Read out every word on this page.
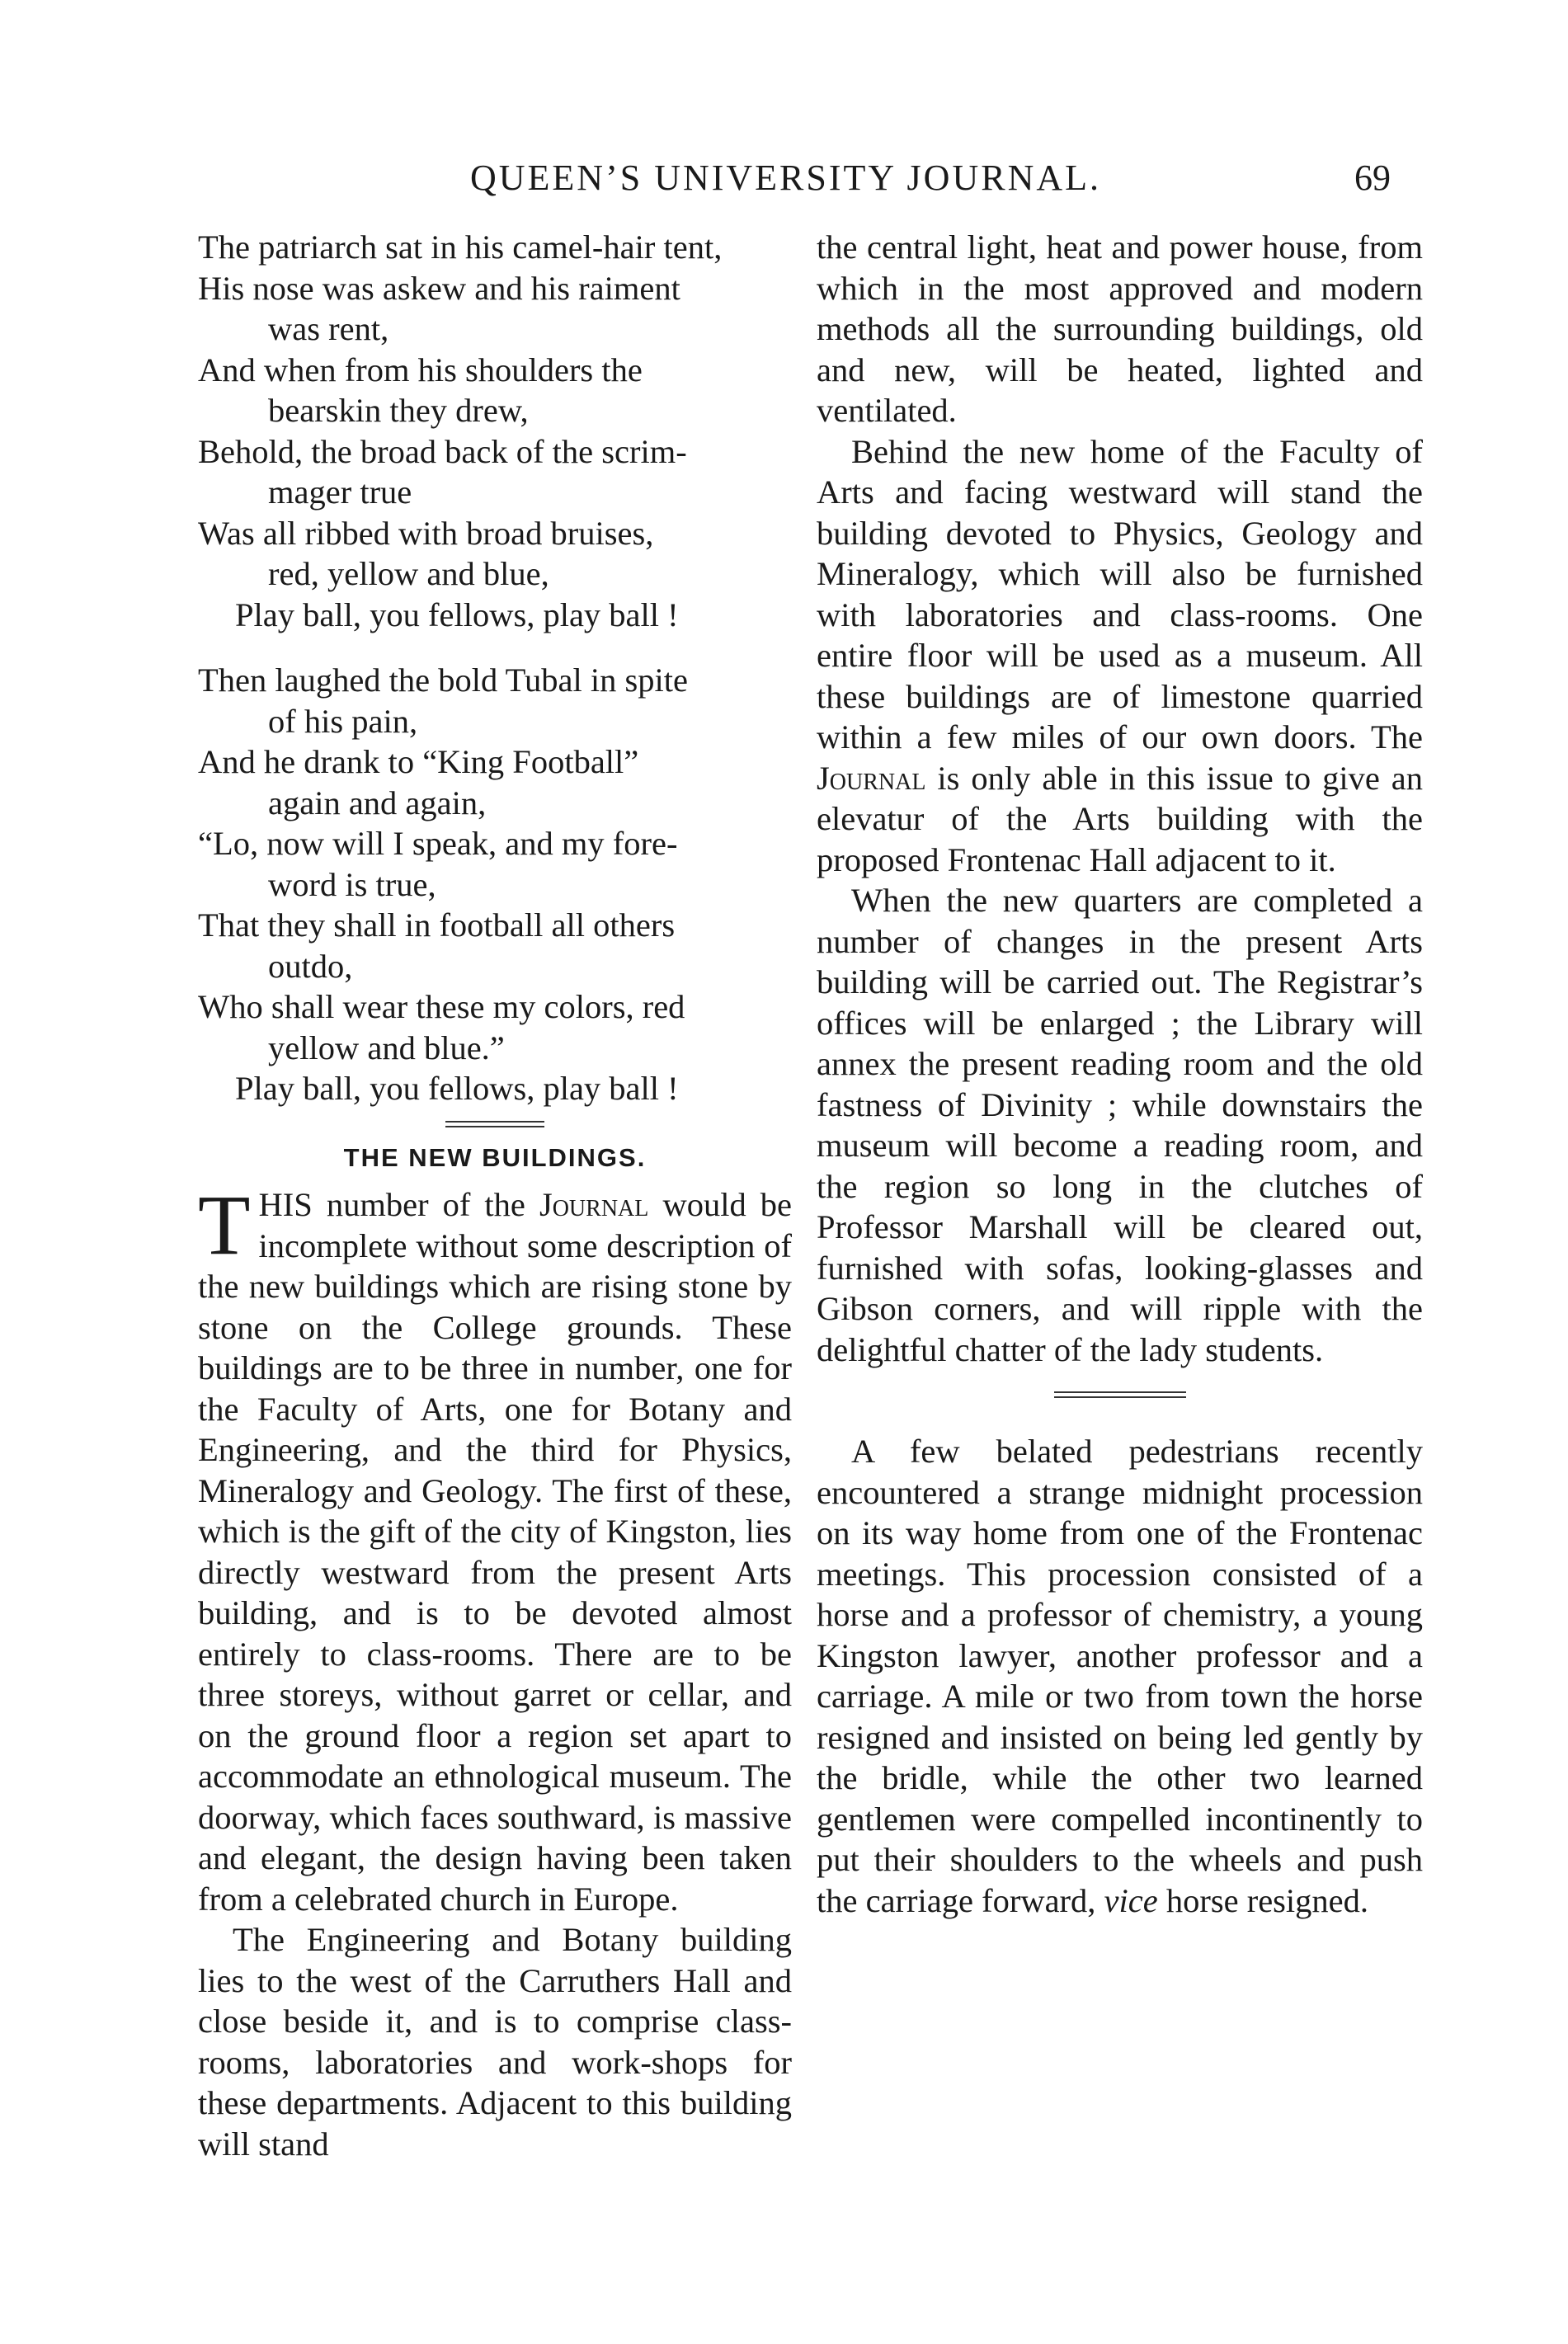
QUEEN’S UNIVERSITY JOURNAL.	69
The patriarch sat in his camel-hair tent,
His nose was askew and his raiment
was rent,
And when from his shoulders the
bearskin they drew,
Behold, the broad back of the scrim-
mager true
Was all ribbed with broad bruises,
red, yellow and blue,
Play ball, you fellows, play ball !
Then laughed the bold Tubal in spite
of his pain,
And he drank to “King Football”
again and again,
“Lo, now will I speak, and my fore-
word is true,
That they shall in football all others
outdo,
Who shall wear these my colors, red
yellow and blue.”
Play ball, you fellows, play ball !
THE NEW BUILDINGS.

THIS number of the Journal would be incomplete without some description of the new buildings which are rising stone by stone on the College grounds. These buildings are to be three in number, one for the Faculty of Arts, one for Botany and Engineering, and the third for Physics, Mineralogy and Geology. The first of these, which is the gift of the city of Kingston, lies directly westward from the present Arts building, and is to be devoted almost entirely to class-rooms. There are to be three storeys, without garret or cellar, and on the ground floor a region set apart to accommodate an ethnological museum. The doorway, which faces southward, is massive and elegant, the design having been taken from a celebrated church in Europe.

The Engineering and Botany building lies to the west of the Carruthers Hall and close beside it, and is to comprise class-rooms, laboratories and work-shops for these departments. Adjacent to this building will stand

the central light, heat and power house, from which in the most approved and modern methods all the surrounding buildings, old and new, will be heated, lighted and ventilated.

Behind the new home of the Faculty of Arts and facing westward will stand the building devoted to Physics, Geology and Mineralogy, which will also be furnished with laboratories and class-rooms. One entire floor will be used as a museum. All these buildings are of limestone quarried within a few miles of our own doors. The Journal is only able in this issue to give an elevatur of the Arts building with the proposed Frontenac Hall adjacent to it.

When the new quarters are completed a number of changes in the present Arts building will be carried out. The Registrar’s offices will be enlarged ; the Library will annex the present reading room and the old fastness of Divinity ; while downstairs the museum will become a reading room, and the region so long in the clutches of Professor Marshall will be cleared out, furnished with sofas, looking-glasses and Gibson corners, and will ripple with the delightful chatter of the lady students.

A few belated pedestrians recently encountered a strange midnight procession on its way home from one of the Frontenac meetings. This procession consisted of a horse and a professor of chemistry, a young Kingston lawyer, another professor and a carriage. A mile or two from town the horse resigned and insisted on being led gently by the bridle, while the other two learned gentlemen were compelled incontinently to put their shoulders to the wheels and push the carriage forward, vice horse resigned.
